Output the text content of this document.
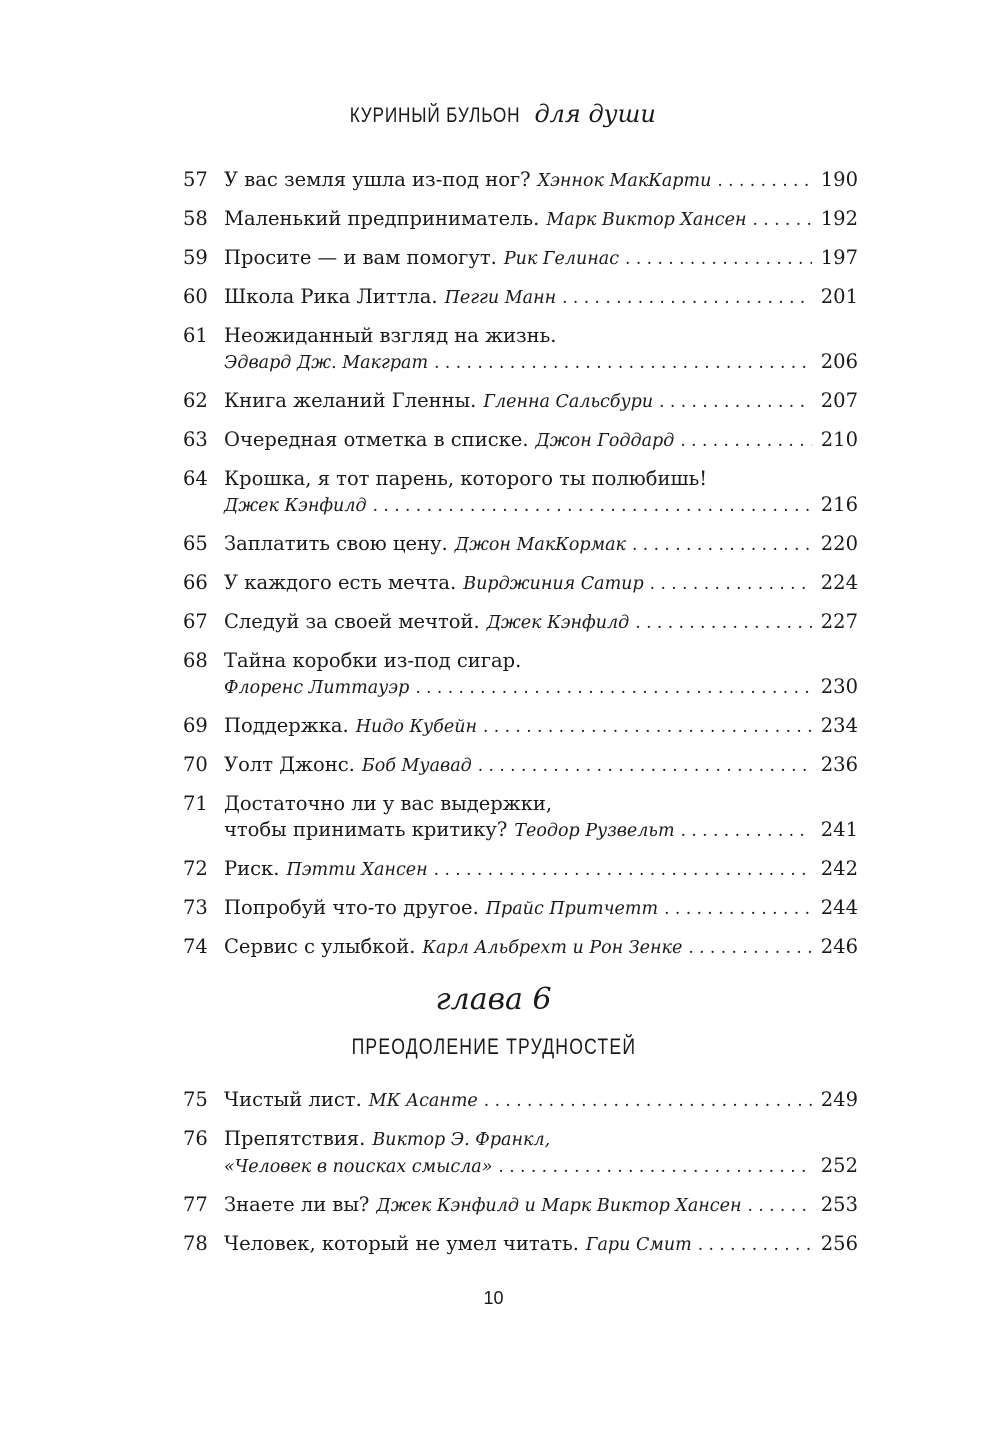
КУРИНЫЙ БУЛЬОН для души
57 У вас земля ушла из-под ног? Хэннок МакКарти . . .	190
58 Маленький предприниматель. Марк Виктор Хансен . . .	192
59 Просите — и вам помогут. Рик Гелинас . . .	197
60 Школа Рика Литтла. Пегги Манн . . .	201
61 Неожиданный взгляд на жизнь.
Эдвард Дж. Макграт . . .	206
62 Книга желаний Гленны. Гленна Сальсбури . . .	207
63 Очередная отметка в списке. Джон Годдард . . .	210
64 Крошка, я тот парень, которого ты полюбишь!
Джек Кэнфилд . . .	216
65 Заплатить свою цену. Джон МакКормак . . .	220
66 У каждого есть мечта. Вирджиния Сатир . . .	224
67 Следуй за своей мечтой. Джек Кэнфилд . . .	227
68 Тайна коробки из-под сигар.
Флоренс Литтауэр . . .	230
69 Поддержка. Нидо Кубейн . . .	234
70 Уолт Джонс. Боб Муавад . . .	236
71 Достаточно ли у вас выдержки,
чтобы принимать критику? Теодор Рузвельт . . .	241
72 Риск. Пэтти Хансен . . .	242
73 Попробуй что-то другое. Прайс Притчетт . . .	244
74 Сервис с улыбкой. Карл Альбрехт и Рон Зенке . . .	246
глава 6
ПРЕОДОЛЕНИЕ ТРУДНОСТЕЙ
75 Чистый лист. МК Асанте . . .	249
76 Препятствия. Виктор Э. Франкл,
«Человек в поисках смысла» . . .	252
77 Знаете ли вы? Джек Кэнфилд и Марк Виктор Хансен . . .	253
78 Человек, который не умел читать. Гари Смит . . .	256
10
